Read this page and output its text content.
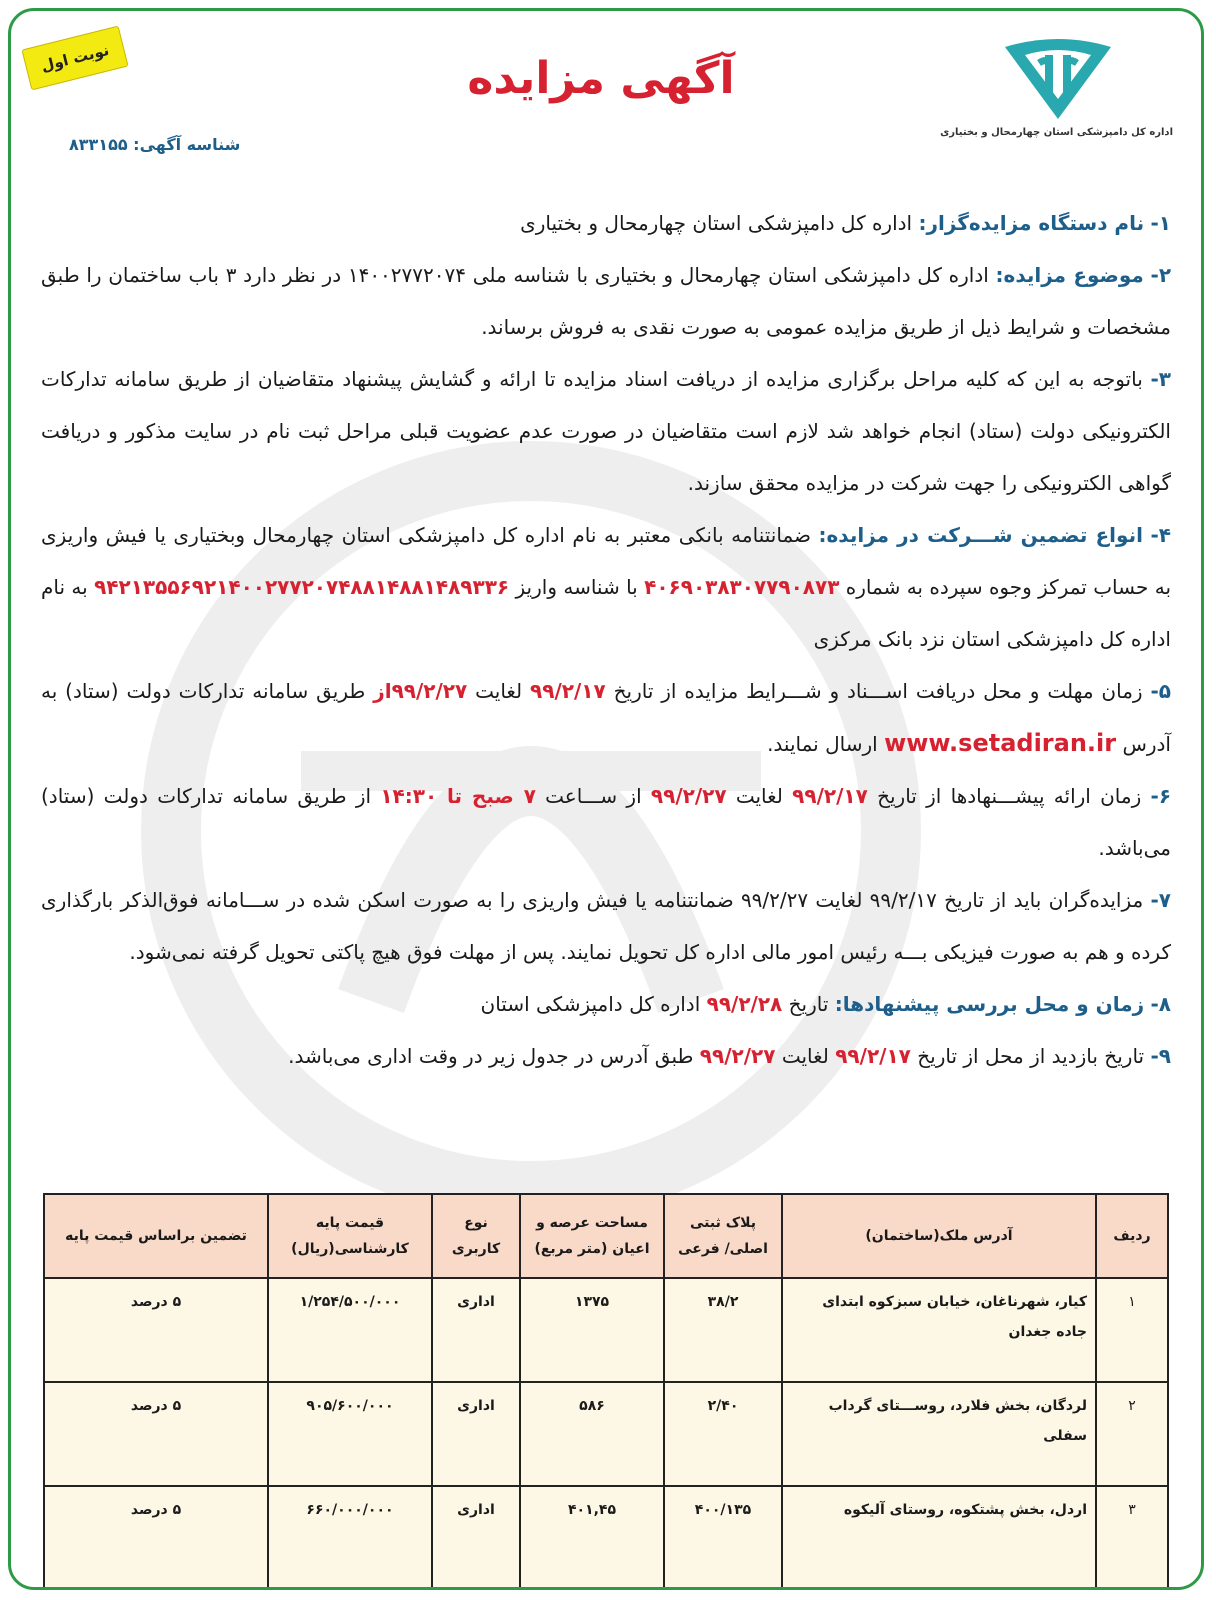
اداره کل دامپزشکی استان چهارمحال و بختیاری
آگهی مزایده
نوبت اول
شناسه آگهی: ۸۳۳۱۵۵

۱- نام دستگاه مزایده‌گزار: اداره کل دامپزشکی استان چهارمحال و بختیاری

۲- موضوع مزایده: اداره کل دامپزشکی استان چهارمحال و بختیاری با شناسه ملی ۱۴۰۰۲۷۷۲۰۷۴ در نظر دارد ۳ باب ساختمان را طبق مشخصات و شرایط ذیل از طریق مزایده عمومی به صورت نقدی به فروش برساند.

۳- باتوجه به این که کلیه مراحل برگزاری مزایده از دریافت اسناد مزایده تا ارائه و گشایش پیشنهاد متقاضیان از طریق سامانه تدارکات الکترونیکی دولت (ستاد) انجام خواهد شد لازم است متقاضیان در صورت عدم عضویت قبلی مراحل ثبت نام در سایت مذکور و دریافت گواهی الکترونیکی را جهت شرکت در مزایده محقق سازند.

۴- انواع تضمین شـــرکت در مزایده: ضمانتنامه بانکی معتبر به نام اداره کل دامپزشکی استان چهارمحال وبختیاری یا فیش واریزی به حساب تمرکز وجوه سپرده به شماره ۴۰۶۹۰۳۸۳۰۷۷۹۰۸۷۳ با شناسه واریز ۹۴۲۱۳۵۵۶۹۲۱۴۰۰۲۷۷۲۰۷۴۸۸۱۴۸۸۱۴۸۹۳۳۶ به نام اداره کل دامپزشکی استان نزد بانک مرکزی

۵- زمان مهلت و محل دریافت اســـناد و شـــرایط مزایده از تاریخ ۹۹/۲/۱۷ لغایت ۹۹/۲/۲۷از طریق سامانه تدارکات دولت (ستاد) به آدرس www.setadiran.ir ارسال نمایند.

۶- زمان ارائه پیشـــنهادها از تاریخ ۹۹/۲/۱۷ لغایت ۹۹/۲/۲۷ از ســـاعت ۷ صبح تا ۱۴:۳۰ از طریق سامانه تدارکات دولت (ستاد) می‌باشد.

۷- مزایده‌گران باید از تاریخ ۹۹/۲/۱۷ لغایت ۹۹/۲/۲۷ ضمانتنامه یا فیش واریزی را به صورت اسکن شده در ســـامانه فوق‌الذکر بارگذاری کرده و هم به صورت فیزیکی بـــه رئیس امور مالی اداره کل تحویل نمایند. پس از مهلت فوق هیچ پاکتی تحویل گرفته نمی‌شود.

۸- زمان و محل بررسی پیشنهادها: تاریخ ۹۹/۲/۲۸ اداره کل دامپزشکی استان

۹- تاریخ بازدید از محل از تاریخ ۹۹/۲/۱۷ لغایت ۹۹/۲/۲۷ طبق آدرس در جدول زیر در وقت اداری می‌باشد.

ردیف	آدرس ملک(ساختمان)	پلاک ثبتی اصلی/ فرعی	مساحت عرصه و اعیان (متر مربع)	نوع کاربری	قیمت پایه کارشناسی(ریال)	تضمین براساس قیمت پایه
۱	کیار، شهرناغان، خیابان سبزکوه ابتدای جاده جغدان	۳۸/۲	۱۳۷۵	اداری	۱/۲۵۴/۵۰۰/۰۰۰	۵ درصد
۲	لردگان، بخش فلارد، روســـتای گرداب سفلی	۲/۴۰	۵۸۶	اداری	۹۰۵/۶۰۰/۰۰۰	۵ درصد
۳	اردل، بخش پشتکوه، روستای آلیکوه	۴۰۰/۱۳۵	۴۰۱,۴۵	اداری	۶۶۰/۰۰۰/۰۰۰	۵ درصد
